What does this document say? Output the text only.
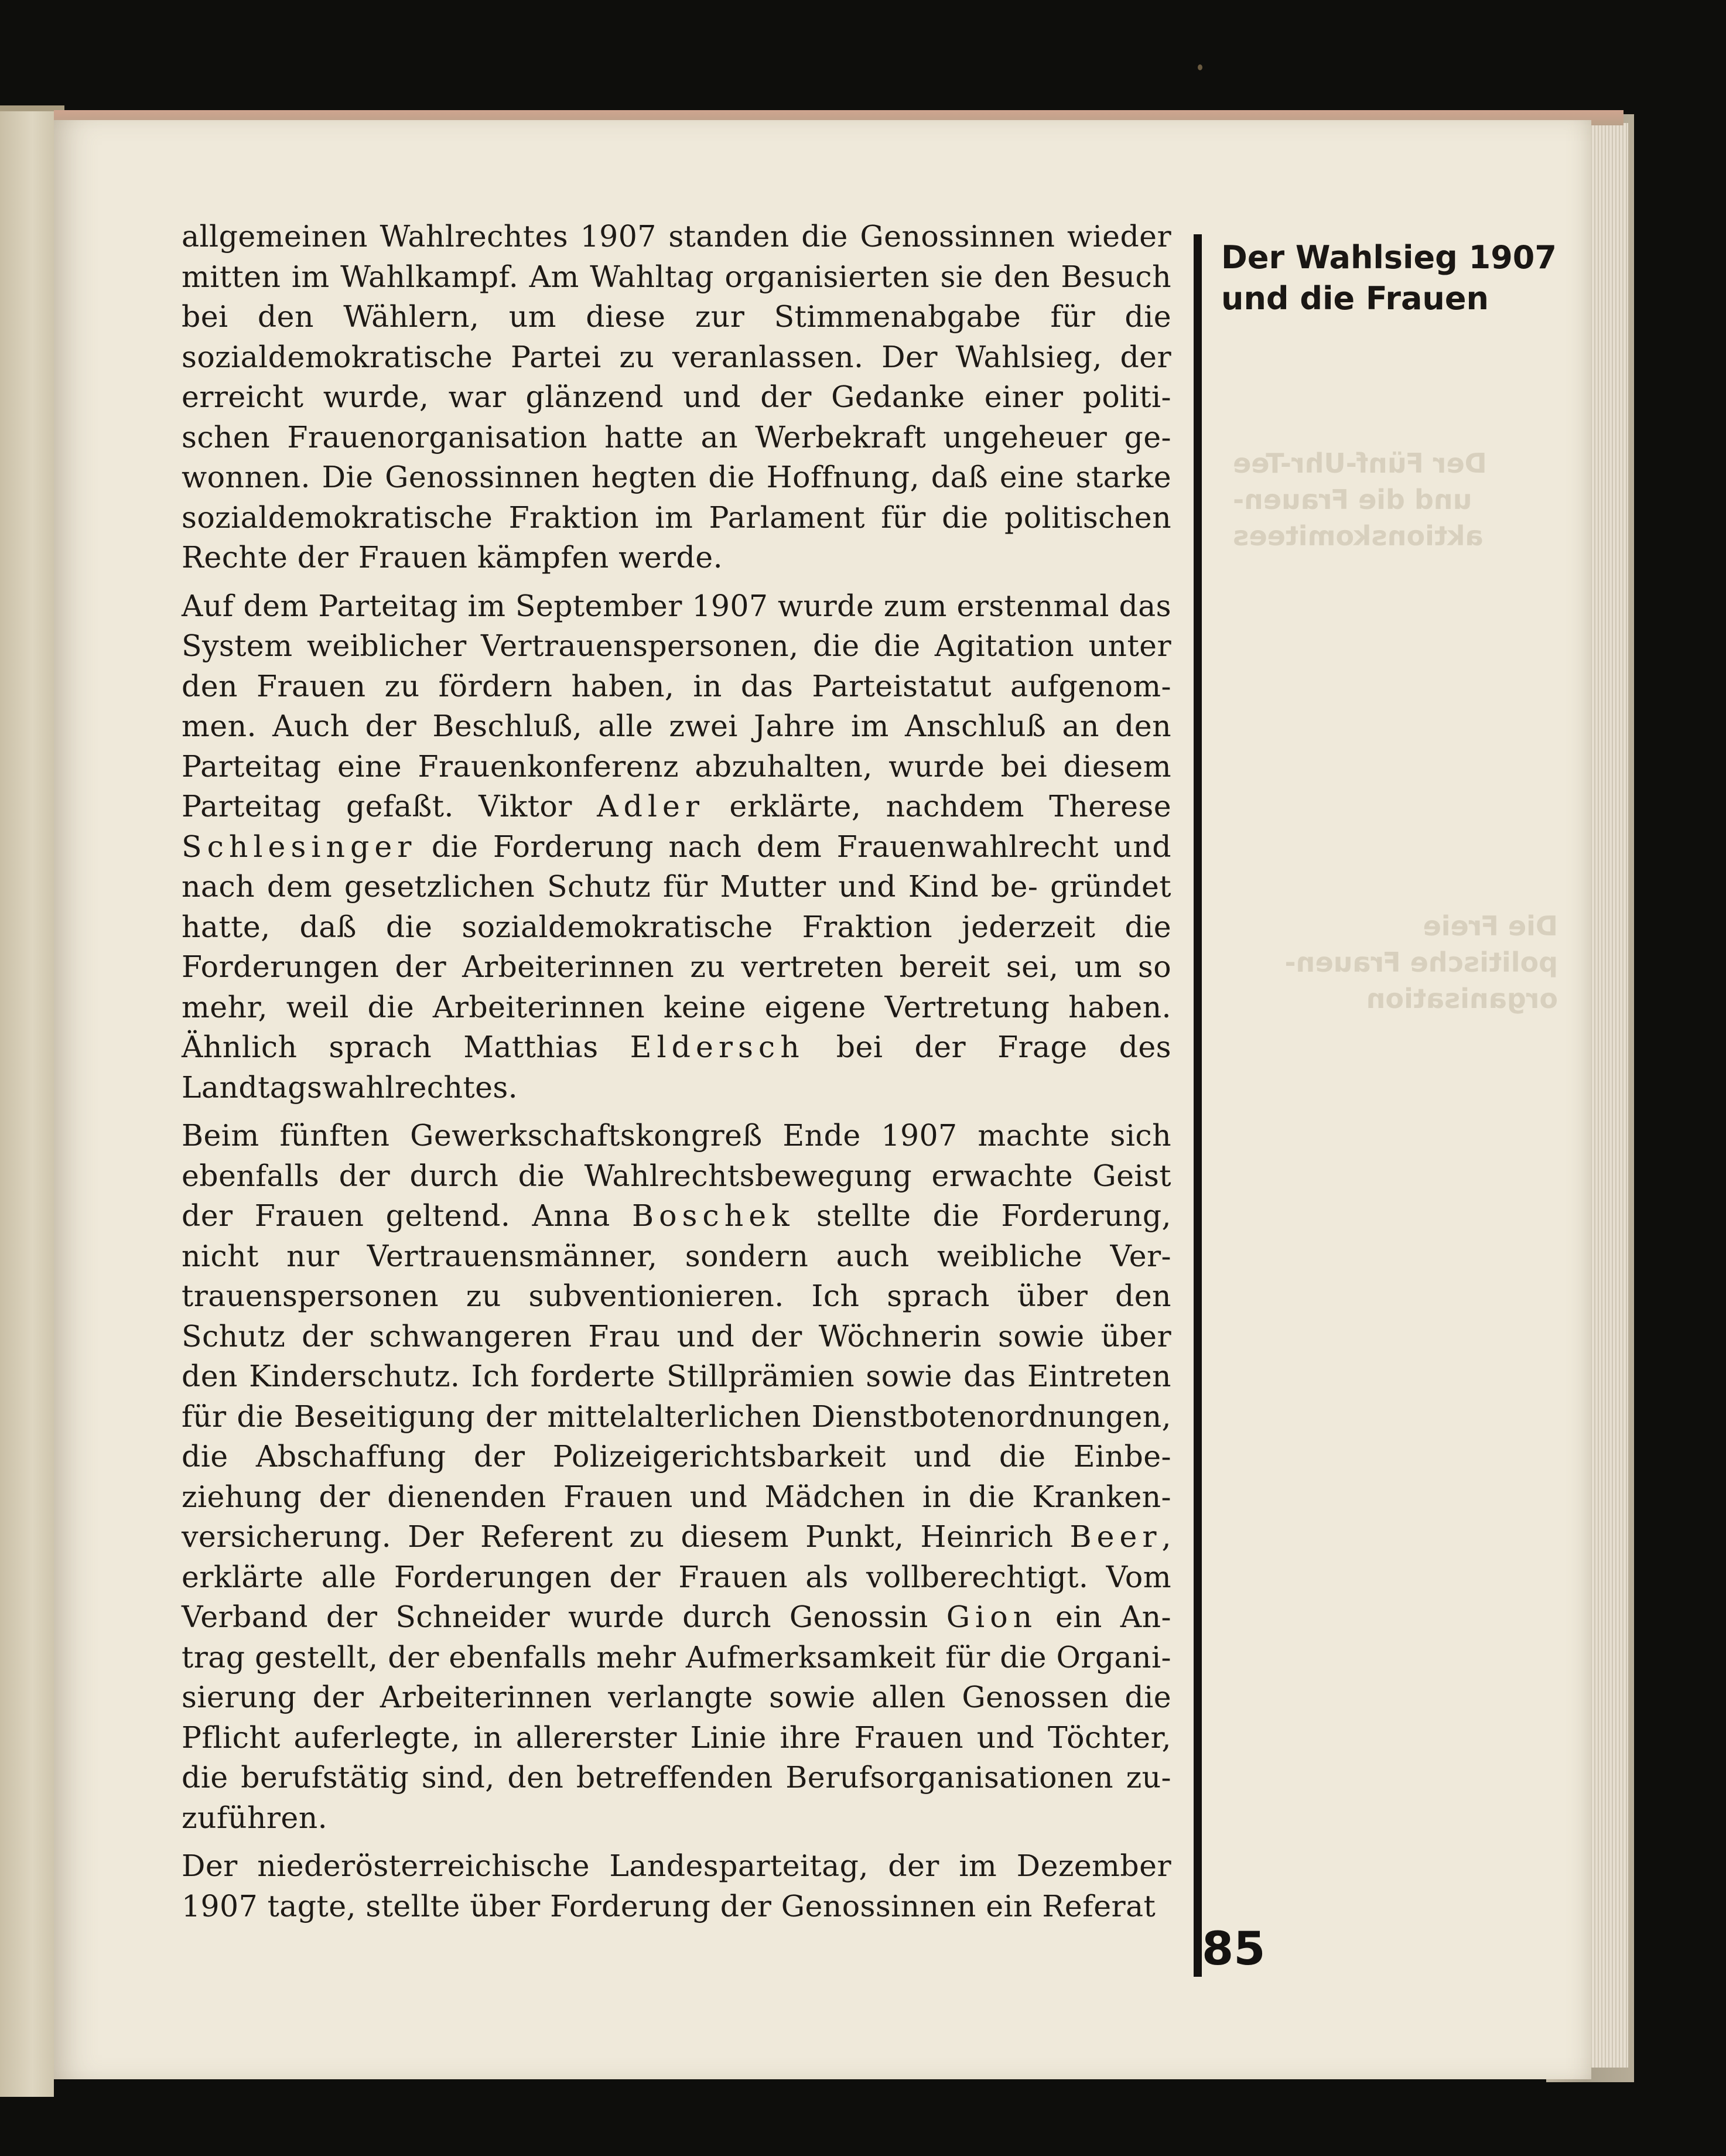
Der Fünf-Uhr-Tee
und die Frauen-
aktionskomitees
Die Freie
politische Frauen-
organisation

allgemeinen Wahlrechtes 1907 standen die Genossinnen wieder mitten im Wahlkampf. Am Wahltag organisierten sie den Besuch bei den Wählern, um diese zur Stimmenabgabe für die sozialdemokratische Partei zu veranlassen. Der Wahlsieg, der erreicht wurde, war glänzend und der Gedanke einer politi- schen Frauenorganisation hatte an Werbekraft ungeheuer ge- wonnen. Die Genossinnen hegten die Hoffnung, daß eine starke sozialdemokratische Fraktion im Parlament für die politischen Rechte der Frauen kämpfen werde.

Auf dem Parteitag im September 1907 wurde zum erstenmal das System weiblicher Vertrauenspersonen, die die Agitation unter den Frauen zu fördern haben, in das Parteistatut aufgenom- men. Auch der Beschluß, alle zwei Jahre im Anschluß an den Parteitag eine Frauenkonferenz abzuhalten, wurde bei diesem Parteitag gefaßt. Viktor Adler erklärte, nachdem Therese Schlesinger die Forderung nach dem Frauenwahlrecht und nach dem gesetzlichen Schutz für Mutter und Kind be- gründet hatte, daß die sozialdemokratische Fraktion jederzeit die Forderungen der Arbeiterinnen zu vertreten bereit sei, um so mehr, weil die Arbeiterinnen keine eigene Vertretung haben. Ähnlich sprach Matthias Eldersch bei der Frage des Landtagswahlrechtes.

Beim fünften Gewerkschaftskongreß Ende 1907 machte sich ebenfalls der durch die Wahlrechtsbewegung erwachte Geist der Frauen geltend. Anna Boschek stellte die Forderung, nicht nur Vertrauensmänner, sondern auch weibliche Ver- trauenspersonen zu subventionieren. Ich sprach über den Schutz der schwangeren Frau und der Wöchnerin sowie über den Kinderschutz. Ich forderte Stillprämien sowie das Eintreten für die Beseitigung der mittelalterlichen Dienstbotenordnungen, die Abschaffung der Polizeigerichtsbarkeit und die Einbe- ziehung der dienenden Frauen und Mädchen in die Kranken- versicherung. Der Referent zu diesem Punkt, Heinrich Beer, erklärte alle Forderungen der Frauen als vollberechtigt. Vom Verband der Schneider wurde durch Genossin Gion ein An- trag gestellt, der ebenfalls mehr Aufmerksamkeit für die Organi- sierung der Arbeiterinnen verlangte sowie allen Genossen die Pflicht auferlegte, in allererster Linie ihre Frauen und Töchter, die berufstätig sind, den betreffenden Berufsorganisationen zu- zuführen.

Der niederösterreichische Landesparteitag, der im Dezember 1907 tagte, stellte über Forderung der Genossinnen ein Referat

Der Wahlsieg 1907
und die Frauen
85
